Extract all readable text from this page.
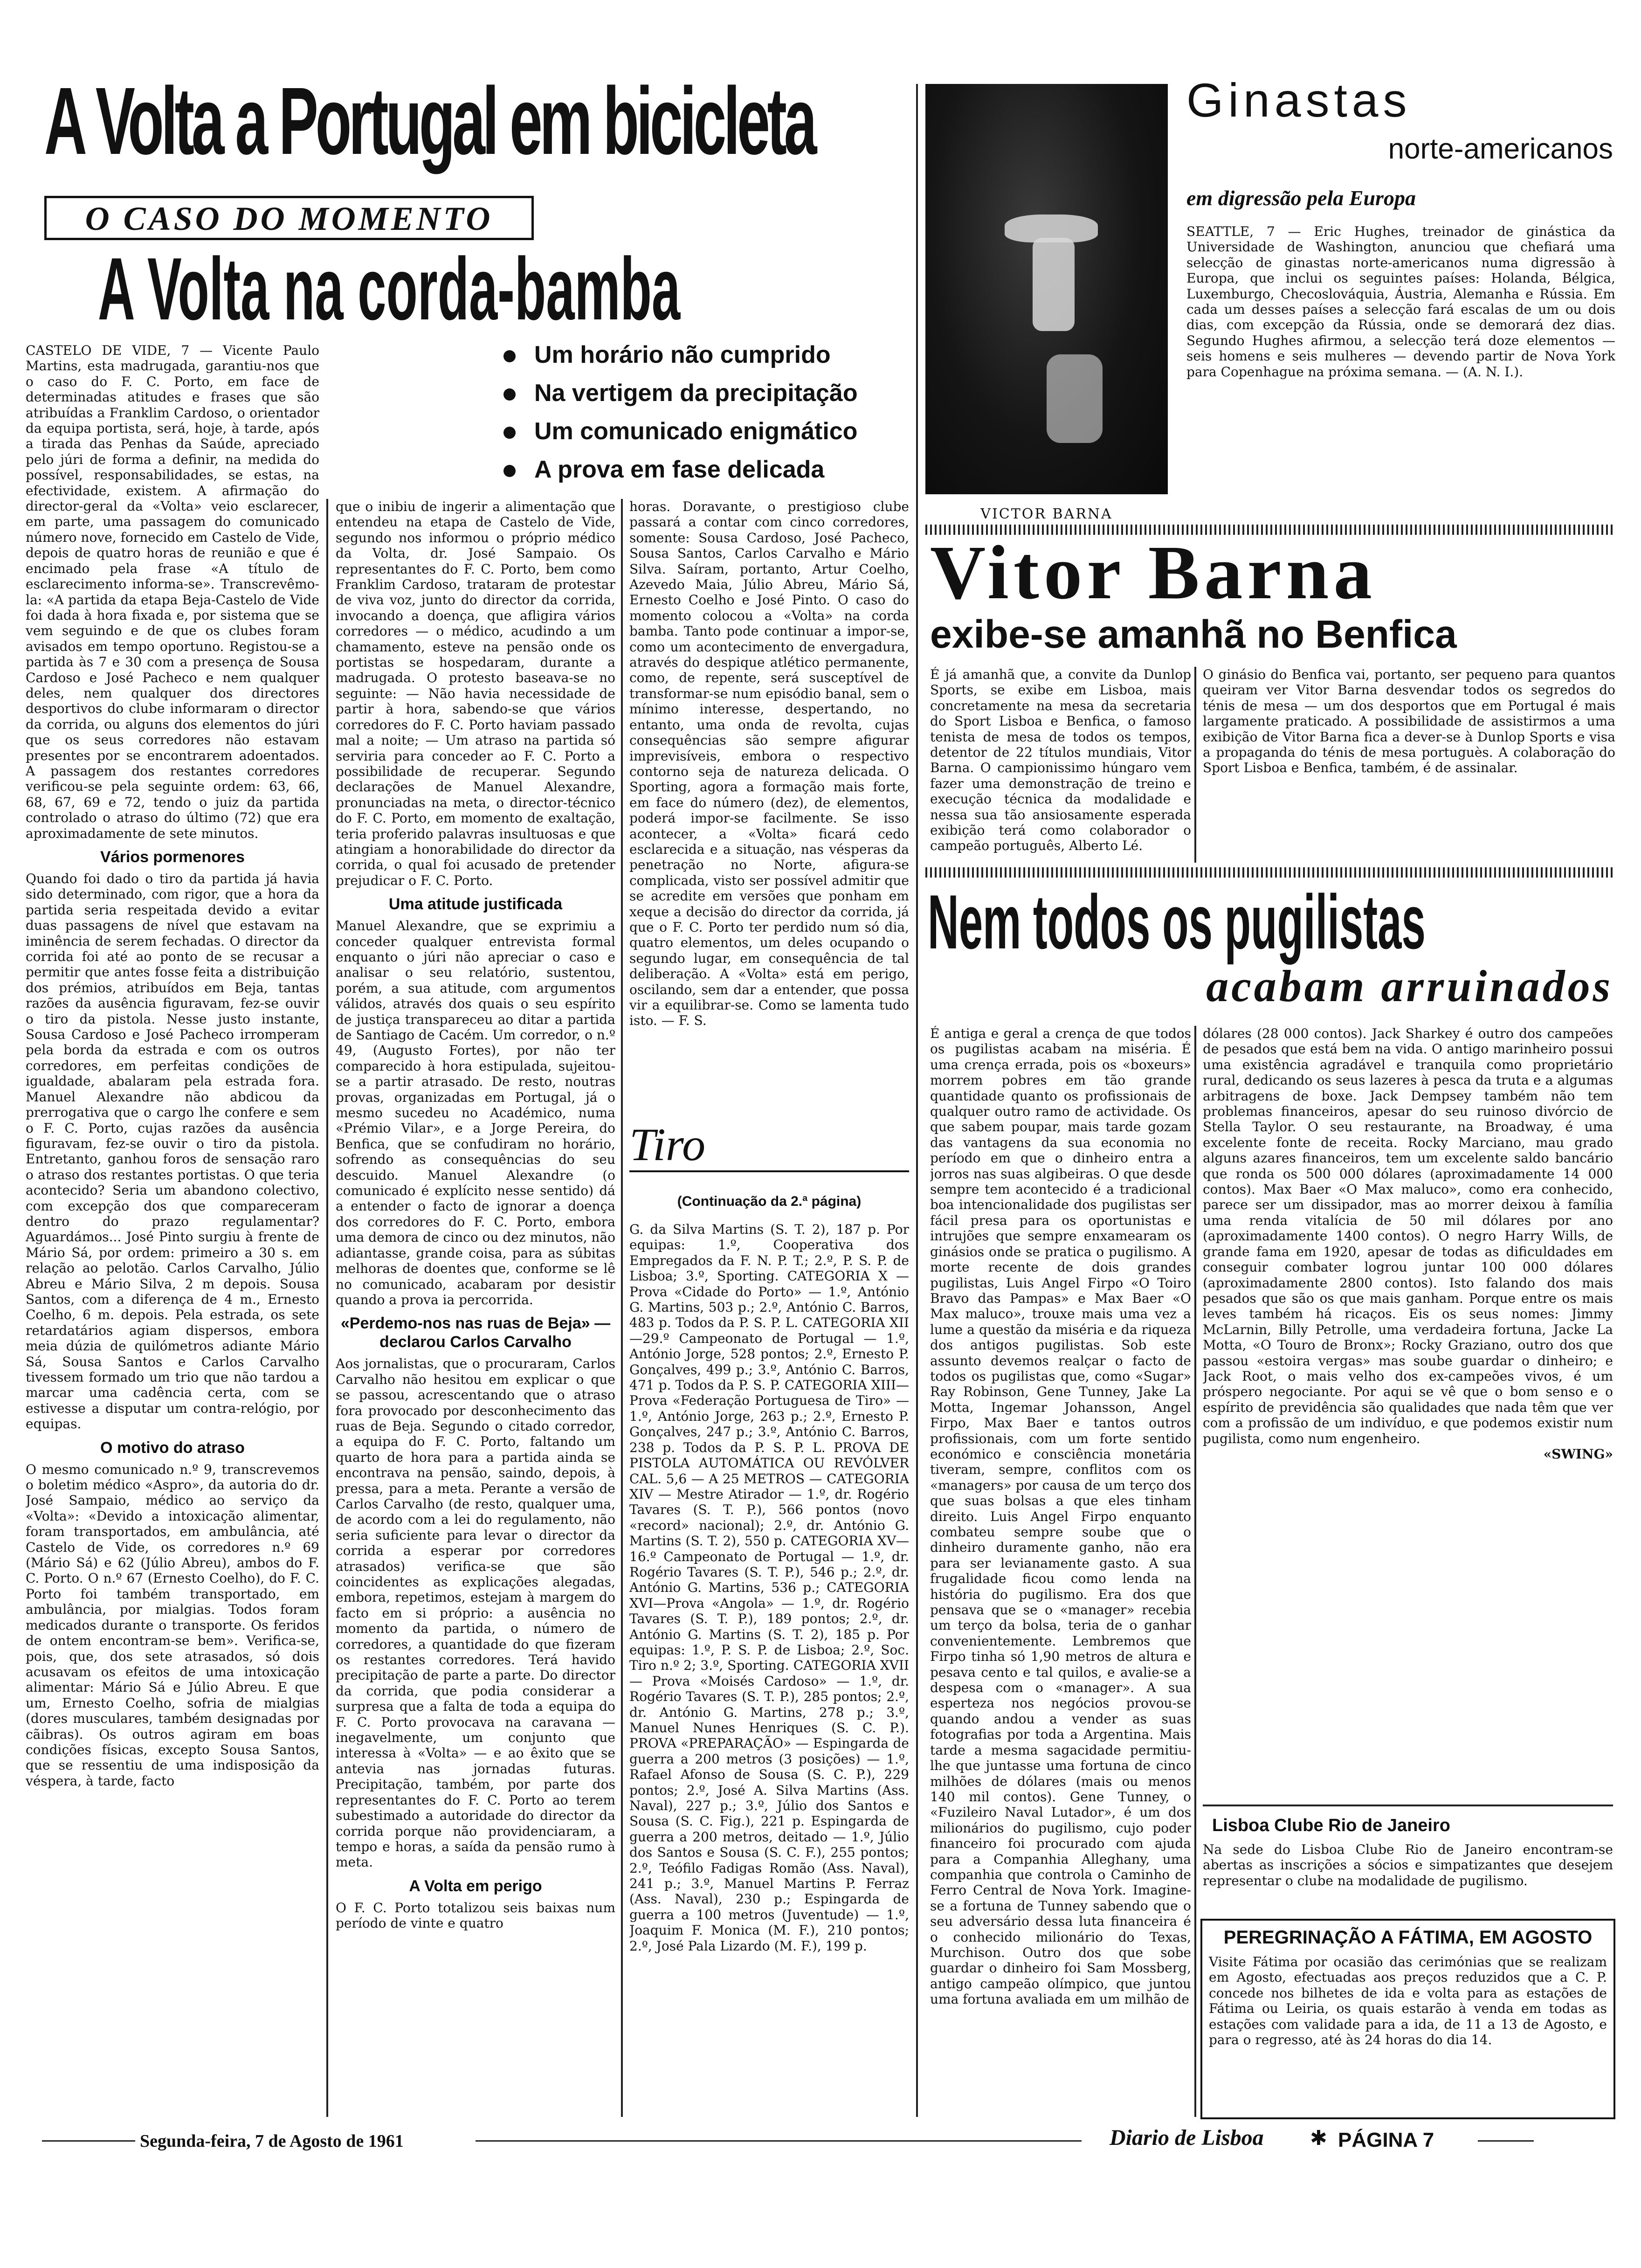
A Volta a Portugal em bicicleta
O CASO DO MOMENTO
A Volta na corda-bamba

CASTELO DE VIDE, 7 — Vicente Paulo Martins, esta madrugada, garantiu-nos que o caso do F. C. Porto, em face de determinadas atitudes e frases que são atribuídas a Franklim Cardoso, o orientador da equipa portista, será, hoje, à tarde, após a tirada das Penhas da Saúde, apreciado pelo júri de forma a definir, na medida do possível, responsabilidades, se estas, na efectividade, existem. A afirmação do director-geral da «Volta» veio esclarecer, em parte, uma passagem do comunicado número nove, fornecido em Castelo de Vide, depois de quatro horas de reunião e que é encimado pela frase «A título de esclarecimento informa-se». Transcrevêmo-la: «A partida da etapa Beja-Castelo de Vide foi dada à hora fixada e, por sistema que se vem seguindo e de que os clubes foram avisados em tempo oportuno. Registou-se a partida às 7 e 30 com a presença de Sousa Cardoso e José Pacheco e nem qualquer deles, nem qualquer dos directores desportivos do clube informaram o director da corrida, ou alguns dos elementos do júri que os seus corredores não estavam presentes por se encontrarem adoentados. A passagem dos restantes corredores verificou-se pela seguinte ordem: 63, 66, 68, 67, 69 e 72, tendo o juiz da partida controlado o atraso do último (72) que era aproximadamente de sete minutos.

Vários pormenores

Quando foi dado o tiro da partida já havia sido determinado, com rigor, que a hora da partida seria respeitada devido a evitar duas passagens de nível que estavam na iminência de serem fechadas. O director da corrida foi até ao ponto de se recusar a permitir que antes fosse feita a distribuição dos prémios, atribuídos em Beja, tantas razões da ausência figuravam, fez-se ouvir o tiro da pistola. Nesse justo instante, Sousa Cardoso e José Pacheco irromperam pela borda da estrada e com os outros corredores, em perfeitas condições de igualdade, abalaram pela estrada fora. Manuel Alexandre não abdicou da prerrogativa que o cargo lhe confere e sem o F. C. Porto, cujas razões da ausência figuravam, fez-se ouvir o tiro da pistola. Entretanto, ganhou foros de sensação raro o atraso dos restantes portistas. O que teria acontecido? Seria um abandono colectivo, com excepção dos que compareceram dentro do prazo regulamentar? Aguardámos... José Pinto surgiu à frente de Mário Sá, por ordem: primeiro a 30 s. em relação ao pelotão. Carlos Carvalho, Júlio Abreu e Mário Silva, 2 m depois. Sousa Santos, com a diferença de 4 m., Ernesto Coelho, 6 m. depois. Pela estrada, os sete retardatários agiam dispersos, embora meia dúzia de quilómetros adiante Mário Sá, Sousa Santos e Carlos Carvalho tivessem formado um trio que não tardou a marcar uma cadência certa, com se estivesse a disputar um contra-relógio, por equipas.

O motivo do atraso

O mesmo comunicado n.º 9, transcrevemos o boletim médico «Aspro», da autoria do dr. José Sampaio, médico ao serviço da «Volta»: «Devido a intoxicação alimentar, foram transportados, em ambulância, até Castelo de Vide, os corredores n.º 69 (Mário Sá) e 62 (Júlio Abreu), ambos do F. C. Porto. O n.º 67 (Ernesto Coelho), do F. C. Porto foi também transportado, em ambulância, por mialgias. Todos foram medicados durante o transporte. Os feridos de ontem encontram-se bem». Verifica-se, pois, que, dos sete atrasados, só dois acusavam os efeitos de uma intoxicação alimentar: Mário Sá e Júlio Abreu. E que um, Ernesto Coelho, sofria de mialgias (dores musculares, também designadas por cãibras). Os outros agiram em boas condições físicas, excepto Sousa Santos, que se ressentiu de uma indisposição da véspera, à tarde, facto

Um horário não cumprido
Na vertigem da precipitação
Um comunicado enigmático
A prova em fase delicada

que o inibiu de ingerir a alimentação que entendeu na etapa de Castelo de Vide, segundo nos informou o próprio médico da Volta, dr. José Sampaio. Os representantes do F. C. Porto, bem como Franklim Cardoso, trataram de protestar de viva voz, junto do director da corrida, invocando a doença, que afligira vários corredores — o médico, acudindo a um chamamento, esteve na pensão onde os portistas se hospedaram, durante a madrugada. O protesto baseava-se no seguinte: — Não havia necessidade de partir à hora, sabendo-se que vários corredores do F. C. Porto haviam passado mal a noite; — Um atraso na partida só serviria para conceder ao F. C. Porto a possibilidade de recuperar. Segundo declarações de Manuel Alexandre, pronunciadas na meta, o director-técnico do F. C. Porto, em momento de exaltação, teria proferido palavras insultuosas e que atingiam a honorabilidade do director da corrida, o qual foi acusado de pretender prejudicar o F. C. Porto.

Uma atitude justificada

Manuel Alexandre, que se exprimiu a conceder qualquer entrevista formal enquanto o júri não apreciar o caso e analisar o seu relatório, sustentou, porém, a sua atitude, com argumentos válidos, através dos quais o seu espírito de justiça transpareceu ao ditar a partida de Santiago de Cacém. Um corredor, o n.º 49, (Augusto Fortes), por não ter comparecido à hora estipulada, sujeitou-se a partir atrasado. De resto, noutras provas, organizadas em Portugal, já o mesmo sucedeu no Académico, numa «Prémio Vilar», e a Jorge Pereira, do Benfica, que se confudiram no horário, sofrendo as consequências do seu descuido. Manuel Alexandre (o comunicado é explícito nesse sentido) dá a entender o facto de ignorar a doença dos corredores do F. C. Porto, embora uma demora de cinco ou dez minutos, não adiantasse, grande coisa, para as súbitas melhoras de doentes que, conforme se lê no comunicado, acabaram por desistir quando a prova ia percorrida.

«Perdemo-nos nas ruas de Beja» — declarou Carlos Carvalho

Aos jornalistas, que o procuraram, Carlos Carvalho não hesitou em explicar o que se passou, acrescentando que o atraso fora provocado por desconhecimento das ruas de Beja. Segundo o citado corredor, a equipa do F. C. Porto, faltando um quarto de hora para a partida ainda se encontrava na pensão, saindo, depois, à pressa, para a meta. Perante a versão de Carlos Carvalho (de resto, qualquer uma, de acordo com a lei do regulamento, não seria suficiente para levar o director da corrida a esperar por corredores atrasados) verifica-se que são coincidentes as explicações alegadas, embora, repetimos, estejam à margem do facto em si próprio: a ausência no momento da partida, o número de corredores, a quantidade do que fizeram os restantes corredores. Terá havido precipitação de parte a parte. Do director da corrida, que podia considerar a surpresa que a falta de toda a equipa do F. C. Porto provocava na caravana — inegavelmente, um conjunto que interessa à «Volta» — e ao êxito que se antevia nas jornadas futuras. Precipitação, também, por parte dos representantes do F. C. Porto ao terem subestimado a autoridade do director da corrida porque não providenciaram, a tempo e horas, a saída da pensão rumo à meta.

A Volta em perigo

O F. C. Porto totalizou seis baixas num período de vinte e quatro

horas. Doravante, o prestigioso clube passará a contar com cinco corredores, somente: Sousa Cardoso, José Pacheco, Sousa Santos, Carlos Carvalho e Mário Silva. Saíram, portanto, Artur Coelho, Azevedo Maia, Júlio Abreu, Mário Sá, Ernesto Coelho e José Pinto. O caso do momento colocou a «Volta» na corda bamba. Tanto pode continuar a impor-se, como um acontecimento de envergadura, através do despique atlético permanente, como, de repente, será susceptível de transformar-se num episódio banal, sem o mínimo interesse, despertando, no entanto, uma onda de revolta, cujas consequências são sempre afigurar imprevisíveis, embora o respectivo contorno seja de natureza delicada. O Sporting, agora a formação mais forte, em face do número (dez), de elementos, poderá impor-se facilmente. Se isso acontecer, a «Volta» ficará cedo esclarecida e a situação, nas vésperas da penetração no Norte, afigura-se complicada, visto ser possível admitir que se acredite em versões que ponham em xeque a decisão do director da corrida, já que o F. C. Porto ter perdido num só dia, quatro elementos, um deles ocupando o segundo lugar, em consequência de tal deliberação. A «Volta» está em perigo, oscilando, sem dar a entender, que possa vir a equilibrar-se. Como se lamenta tudo isto. — F. S.

Tiro
(Continuação da 2.ª página)

G. da Silva Martins (S. T. 2), 187 p. Por equipas: 1.º, Cooperativa dos Empregados da F. N. P. T.; 2.º, P. S. P. de Lisboa; 3.º, Sporting. CATEGORIA X — Prova «Cidade do Porto» — 1.º, António G. Martins, 503 p.; 2.º, António C. Barros, 483 p. Todos da P. S. P. L. CATEGORIA XII—29.º Campeonato de Portugal — 1.º, António Jorge, 528 pontos; 2.º, Ernesto P. Gonçalves, 499 p.; 3.º, António C. Barros, 471 p. Todos da P. S. P. CATEGORIA XIII—Prova «Federação Portuguesa de Tiro» — 1.º, António Jorge, 263 p.; 2.º, Ernesto P. Gonçalves, 247 p.; 3.º, António C. Barros, 238 p. Todos da P. S. P. L. PROVA DE PISTOLA AUTOMÁTICA OU REVÓLVER CAL. 5,6 — A 25 METROS — CATEGORIA XIV — Mestre Atirador — 1.º, dr. Rogério Tavares (S. T. P.), 566 pontos (novo «record» nacional); 2.º, dr. António G. Martins (S. T. 2), 550 p. CATEGORIA XV—16.º Campeonato de Portugal — 1.º, dr. Rogério Tavares (S. T. P.), 546 p.; 2.º, dr. António G. Martins, 536 p.; CATEGORIA XVI—Prova «Angola» — 1.º, dr. Rogério Tavares (S. T. P.), 189 pontos; 2.º, dr. António G. Martins (S. T. 2), 185 p. Por equipas: 1.º, P. S. P. de Lisboa; 2.º, Soc. Tiro n.º 2; 3.º, Sporting. CATEGORIA XVII — Prova «Moisés Cardoso» — 1.º, dr. Rogério Tavares (S. T. P.), 285 pontos; 2.º, dr. António G. Martins, 278 p.; 3.º, Manuel Nunes Henriques (S. C. P.). PROVA «PREPARAÇÃO» — Espingarda de guerra a 200 metros (3 posições) — 1.º, Rafael Afonso de Sousa (S. C. P.), 229 pontos; 2.º, José A. Silva Martins (Ass. Naval), 227 p.; 3.º, Júlio dos Santos e Sousa (S. C. Fig.), 221 p. Espingarda de guerra a 200 metros, deitado — 1.º, Júlio dos Santos e Sousa (S. C. F.), 255 pontos; 2.º, Teófilo Fadigas Romão (Ass. Naval), 241 p.; 3.º, Manuel Martins P. Ferraz (Ass. Naval), 230 p.; Espingarda de guerra a 100 metros (Juventude) — 1.º, Joaquim F. Monica (M. F.), 210 pontos; 2.º, José Pala Lizardo (M. F.), 199 p.

VICTOR BARNA
Ginastas
norte-americanos
em digressão pela Europa

SEATTLE, 7 — Eric Hughes, treinador de ginástica da Universidade de Washington, anunciou que chefiará uma selecção de ginastas norte-americanos numa digressão à Europa, que inclui os seguintes países: Holanda, Bélgica, Luxemburgo, Checoslováquia, Áustria, Alemanha e Rússia. Em cada um desses países a selecção fará escalas de um ou dois dias, com excepção da Rússia, onde se demorará dez dias. Segundo Hughes afirmou, a selecção terá doze elementos — seis homens e seis mulheres — devendo partir de Nova York para Copenhague na próxima semana. — (A. N. I.).

Vitor Barna
exibe-se amanhã no Benfica

É já amanhã que, a convite da Dunlop Sports, se exibe em Lisboa, mais concretamente na mesa da secretaria do Sport Lisboa e Benfica, o famoso tenista de mesa de todos os tempos, detentor de 22 títulos mundiais, Vitor Barna. O campionissimo húngaro vem fazer uma demonstração de treino e execução técnica da modalidade e nessa sua tão ansiosamente esperada exibição terá como colaborador o campeão português, Alberto Lé.

O ginásio do Benfica vai, portanto, ser pequeno para quantos queiram ver Vitor Barna desvendar todos os segredos do ténis de mesa — um dos desportos que em Portugal é mais largamente praticado. A possibilidade de assistirmos a uma exibição de Vitor Barna fica a dever-se à Dunlop Sports e visa a propaganda do ténis de mesa portuguès. A colaboração do Sport Lisboa e Benfica, também, é de assinalar.

Nem todos os pugilistas
acabam arruinados

É antiga e geral a crença de que todos os pugilistas acabam na miséria. É uma crença errada, pois os «boxeurs» morrem pobres em tão grande quantidade quanto os profissionais de qualquer outro ramo de actividade. Os que sabem poupar, mais tarde gozam das vantagens da sua economia no período em que o dinheiro entra a jorros nas suas algibeiras. O que desde sempre tem acontecido é a tradicional boa intencionalidade dos pugilistas ser fácil presa para os oportunistas e intrujões que sempre enxamearam os ginásios onde se pratica o pugilismo. A morte recente de dois grandes pugilistas, Luis Angel Firpo «O Toiro Bravo das Pampas» e Max Baer «O Max maluco», trouxe mais uma vez a lume a questão da miséria e da riqueza dos antigos pugilistas. Sob este assunto devemos realçar o facto de todos os pugilistas que, como «Sugar» Ray Robinson, Gene Tunney, Jake La Motta, Ingemar Johansson, Angel Firpo, Max Baer e tantos outros profissionais, com um forte sentido económico e consciência monetária tiveram, sempre, conflitos com os «managers» por causa de um terço dos que suas bolsas a que eles tinham direito. Luis Angel Firpo enquanto combateu sempre soube que o dinheiro duramente ganho, não era para ser levianamente gasto. A sua frugalidade ficou como lenda na história do pugilismo. Era dos que pensava que se o «manager» recebia um terço da bolsa, teria de o ganhar convenientemente. Lembremos que Firpo tinha só 1,90 metros de altura e pesava cento e tal quilos, e avalie-se a despesa com o «manager». A sua esperteza nos negócios provou-se quando andou a vender as suas fotografias por toda a Argentina. Mais tarde a mesma sagacidade permitiu-lhe que juntasse uma fortuna de cinco milhões de dólares (mais ou menos 140 mil contos). Gene Tunney, o «Fuzileiro Naval Lutador», é um dos milionários do pugilismo, cujo poder financeiro foi procurado com ajuda para a Companhia Alleghany, uma companhia que controla o Caminho de Ferro Central de Nova York. Imagine-se a fortuna de Tunney sabendo que o seu adversário dessa luta financeira é o conhecido milionário do Texas, Murchison. Outro dos que sobe guardar o dinheiro foi Sam Mossberg, antigo campeão olímpico, que juntou uma fortuna avaliada em um milhão de

dólares (28 000 contos). Jack Sharkey é outro dos campeões de pesados que está bem na vida. O antigo marinheiro possui uma existência agradável e tranquila como proprietário rural, dedicando os seus lazeres à pesca da truta e a algumas arbitragens de boxe. Jack Dempsey também não tem problemas financeiros, apesar do seu ruinoso divórcio de Stella Taylor. O seu restaurante, na Broadway, é uma excelente fonte de receita. Rocky Marciano, mau grado alguns azares financeiros, tem um excelente saldo bancário que ronda os 500 000 dólares (aproximadamente 14 000 contos). Max Baer «O Max maluco», como era conhecido, parece ser um dissipador, mas ao morrer deixou à família uma renda vitalícia de 50 mil dólares por ano (aproximadamente 1400 contos). O negro Harry Wills, de grande fama em 1920, apesar de todas as dificuldades em conseguir combater logrou juntar 100 000 dólares (aproximadamente 2800 contos). Isto falando dos mais pesados que são os que mais ganham. Porque entre os mais leves também há ricaços. Eis os seus nomes: Jimmy McLarnin, Billy Petrolle, uma verdadeira fortuna, Jacke La Motta, «O Touro de Bronx»; Rocky Graziano, outro dos que passou «estoira vergas» mas soube guardar o dinheiro; e Jack Root, o mais velho dos ex-campeões vivos, é um próspero negociante. Por aqui se vê que o bom senso e o espírito de previdência são qualidades que nada têm que ver com a profissão de um indivíduo, e que podemos existir num pugilista, como num engenheiro.

«SWING»
Lisboa Clube Rio de Janeiro

Na sede do Lisboa Clube Rio de Janeiro encontram-se abertas as inscrições a sócios e simpatizantes que desejem representar o clube na modalidade de pugilismo.

PEREGRINAÇÃO A FÁTIMA, EM AGOSTO
Visite Fátima por ocasião das cerimónias que se realizam em Agosto, efectuadas aos preços reduzidos que a C. P. concede nos bilhetes de ida e volta para as estações de Fátima ou Leiria, os quais estarão à venda em todas as estações com validade para a ida, de 11 a 13 de Agosto, e para o regresso, até às 24 horas do dia 14.
Segunda-feira, 7 de Agosto de 1961	Diario de Lisboa	✱ PÁGINA 7
